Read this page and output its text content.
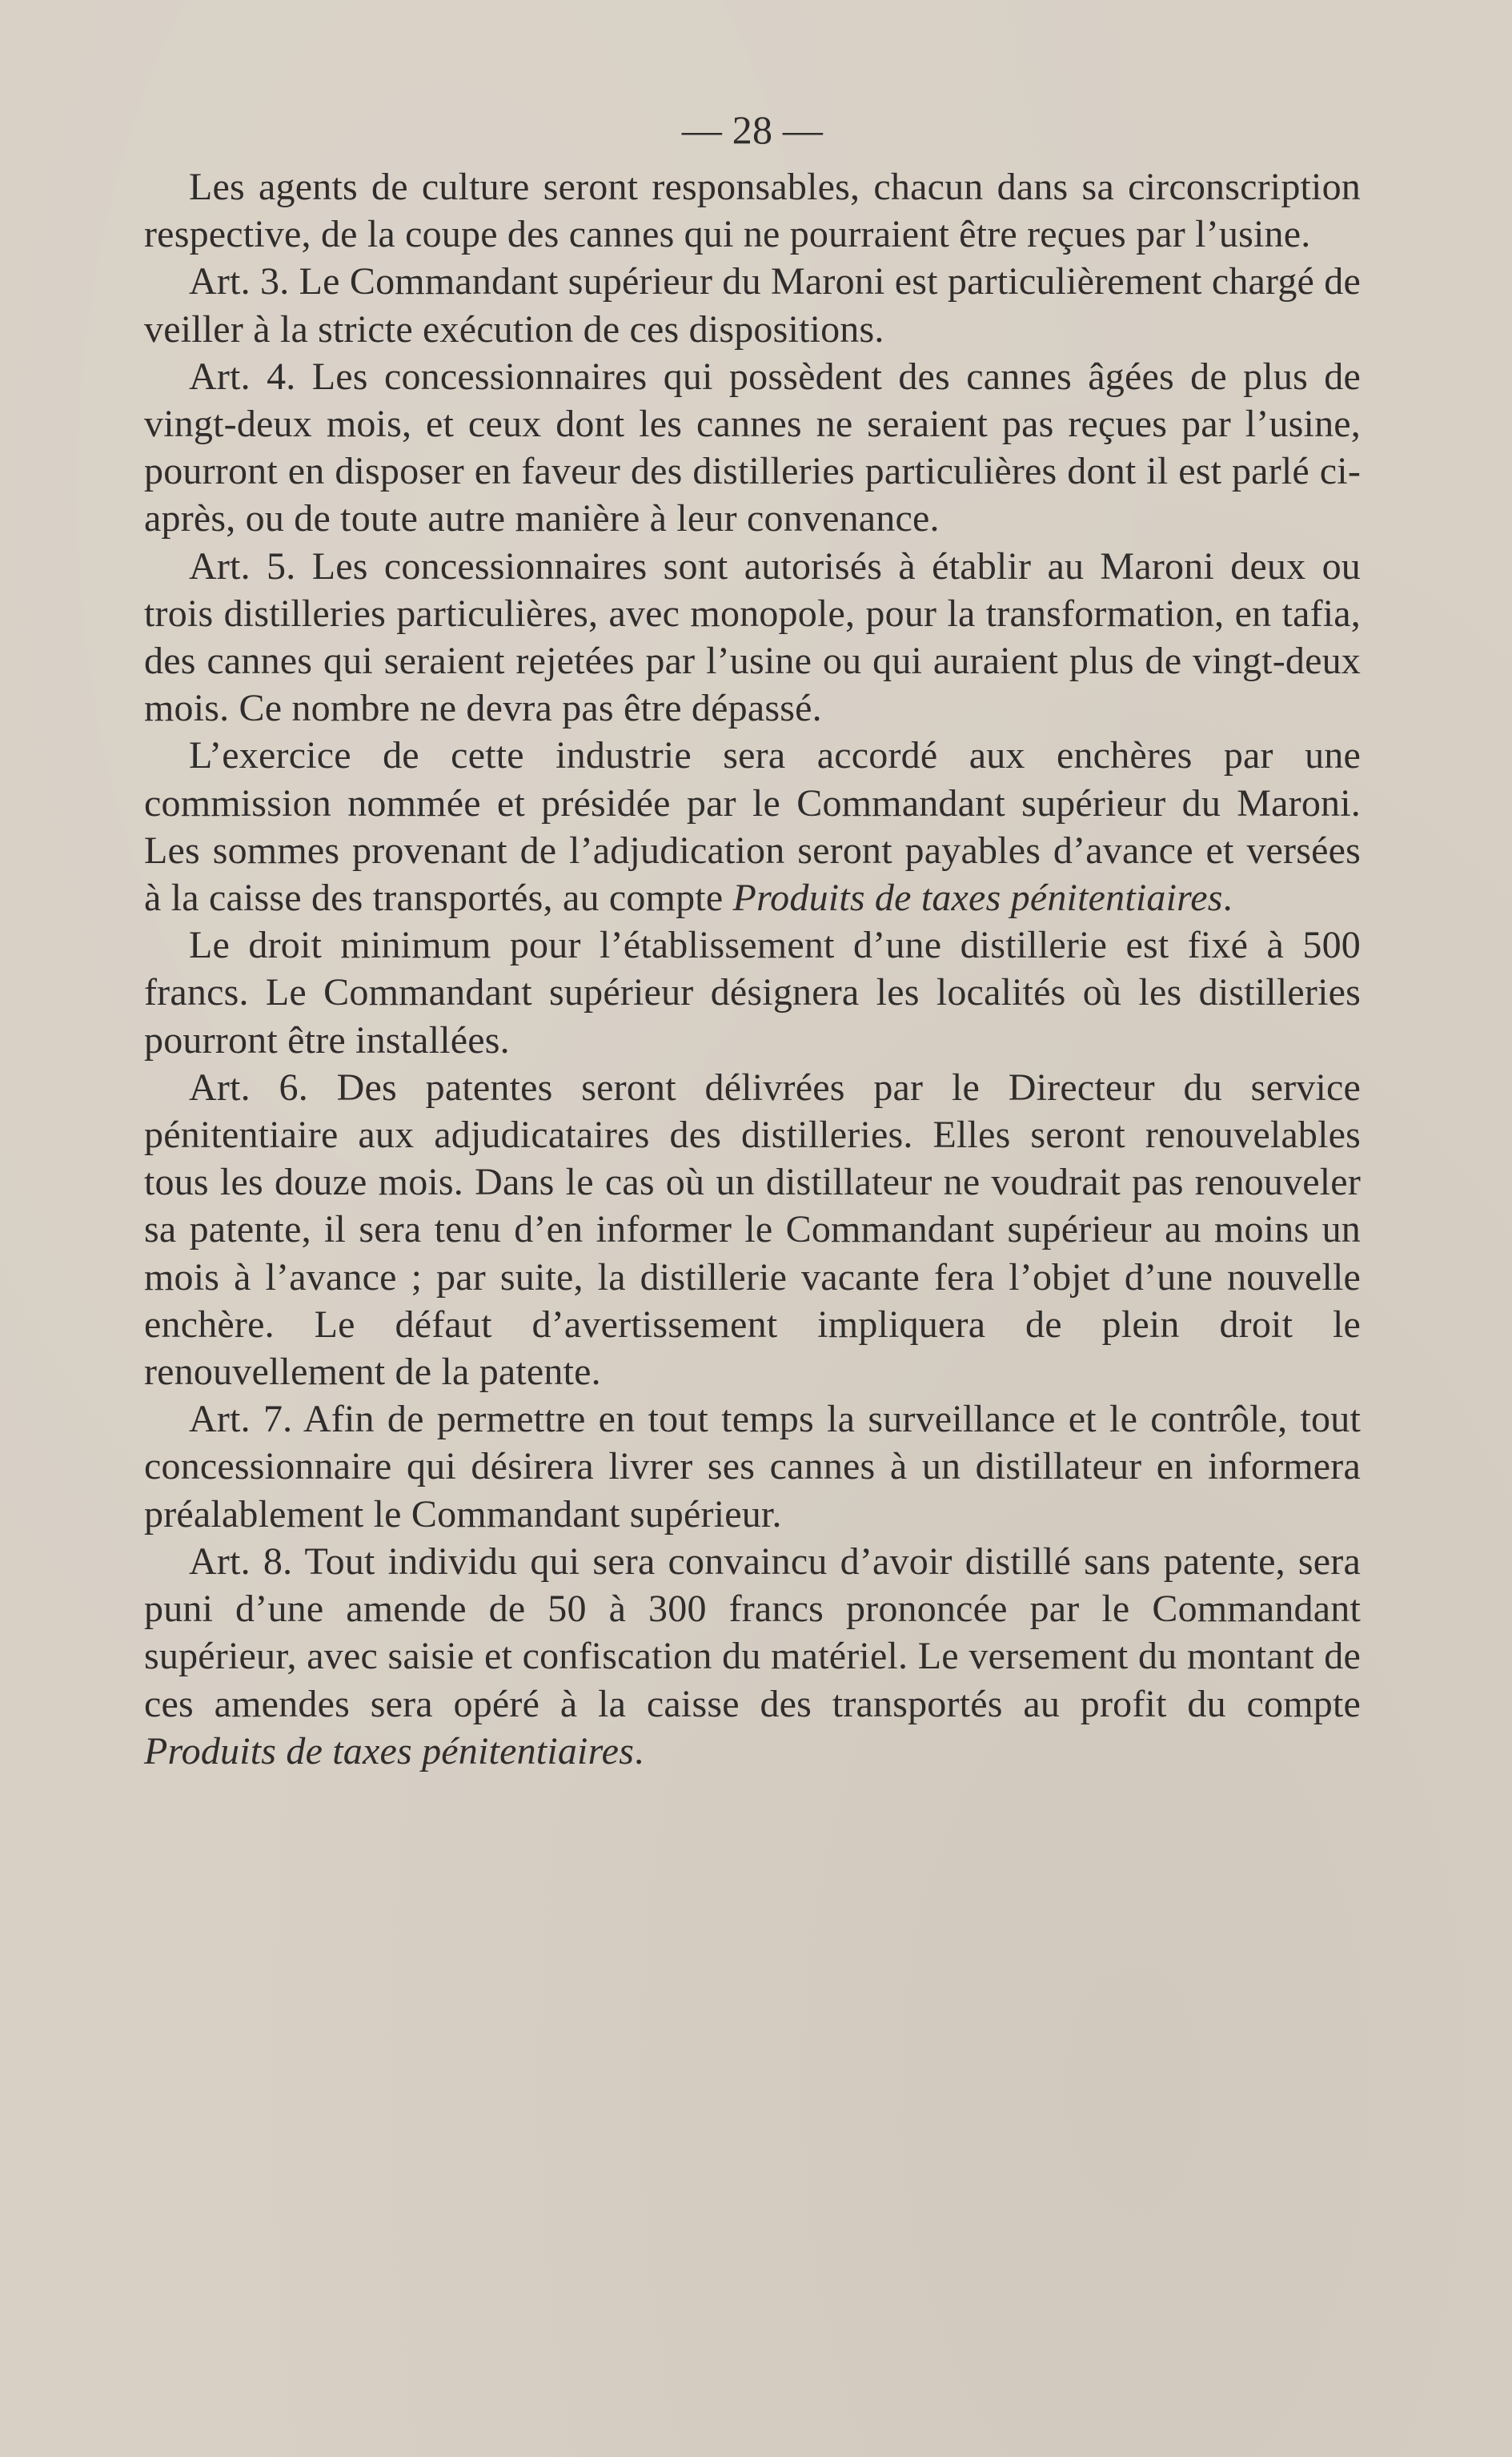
— 28 —

Les agents de culture seront responsables, chacun dans sa circonscription respective, de la coupe des cannes qui ne pourraient être reçues par l’usine.

Art. 3. Le Commandant supérieur du Maroni est particulièrement chargé de veiller à la stricte exécution de ces dispositions.

Art. 4. Les concessionnaires qui possèdent des cannes âgées de plus de vingt-deux mois, et ceux dont les cannes ne seraient pas reçues par l’usine, pourront en disposer en faveur des distilleries particulières dont il est parlé ci-après, ou de toute autre manière à leur convenance.

Art. 5. Les concessionnaires sont autorisés à établir au Maroni deux ou trois distilleries particulières, avec monopole, pour la transformation, en tafia, des cannes qui seraient rejetées par l’usine ou qui auraient plus de vingt-deux mois. Ce nombre ne devra pas être dépassé.

L’exercice de cette industrie sera accordé aux enchères par une commission nommée et présidée par le Commandant supérieur du Maroni. Les sommes provenant de l’adjudication seront payables d’avance et versées à la caisse des transportés, au compte Produits de taxes pénitentiaires.

Le droit minimum pour l’établissement d’une distillerie est fixé à 500 francs. Le Commandant supérieur désignera les localités où les distilleries pourront être installées.

Art. 6. Des patentes seront délivrées par le Directeur du service pénitentiaire aux adjudicataires des distilleries. Elles seront renouvelables tous les douze mois. Dans le cas où un distillateur ne voudrait pas renouveler sa patente, il sera tenu d’en informer le Commandant supérieur au moins un mois à l’avance ; par suite, la distillerie vacante fera l’objet d’une nouvelle enchère. Le défaut d’avertissement impliquera de plein droit le renouvellement de la patente.

Art. 7. Afin de permettre en tout temps la surveillance et le contrôle, tout concessionnaire qui désirera livrer ses cannes à un distillateur en informera préalablement le Commandant supérieur.

Art. 8. Tout individu qui sera convaincu d’avoir distillé sans patente, sera puni d’une amende de 50 à 300 francs prononcée par le Commandant supérieur, avec saisie et confiscation du matériel. Le versement du montant de ces amendes sera opéré à la caisse des transportés au profit du compte Produits de taxes pénitentiaires.
